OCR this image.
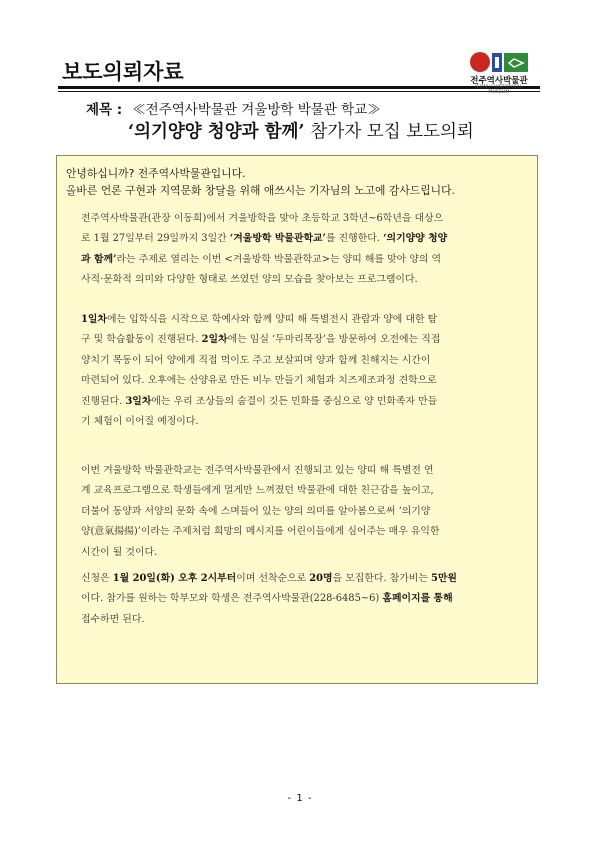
보도의뢰자료	전주역사박물관
JEONJU HISTORICAL
MUSEUM
제목 : ≪전주역사박물관 겨울방학 박물관 학교≫
‘의기양양 청양과 함께’ 참가자 모집 보도의뢰
안녕하십니까? 전주역사박물관입니다.
올바른 언론 구현과 지역문화 창달을 위해 애쓰시는 기자님의 노고에 감사드립니다.

전주역사박물관(관장 이동희)에서 겨울방학을 맞아 초등학교 3학년~6학년을 대상으
로 1월 27일부터 29일까지 3일간 ‘겨울방학 박물관학교’를 진행한다. ‘의기양양 청양
과 함께’라는 주제로 열리는 이번 <겨울방학 박물관학교>는 양띠 해를 맞아 양의 역
사적·문화적 의미와 다양한 형태로 쓰였던 양의 모습을 찾아보는 프로그램이다.

1일차에는 입학식을 시작으로 학예사와 함께 양띠 해 특별전시 관람과 양에 대한 탐
구 및 학습활동이 진행된다. 2일차에는 임실 ‘두마리목장’을 방문하여 오전에는 직접
양치기 목동이 되어 양에게 직접 먹이도 주고 보살피며 양과 함께 친해지는 시간이
마련되어 있다. 오후에는 산양유로 만든 비누 만들기 체험과 치즈제조과정 견학으로
진행된다. 3일차에는 우리 조상들의 숨결이 깃든 민화를 중심으로 양 민화족자 만들
기 체험이 이어질 예정이다.

이번 겨울방학 박물관학교는 전주역사박물관에서 진행되고 있는 양띠 해 특별전 연
계 교육프로그램으로 학생들에게 멀게만 느껴졌던 박물관에 대한 친근감을 높이고,
더불어 동양과 서양의 문화 속에 스며들어 있는 양의 의미를 알아봄으로써 ‘의기양
양(意氣揚揚)’이라는 주제처럼 희망의 메시지를 어린이들에게 심어주는 매우 유익한
시간이 될 것이다.

신청은 1월 20일(화) 오후 2시부터이며 선착순으로 20명을 모집한다. 참가비는 5만원
이다. 참가를 원하는 학부모와 학생은 전주역사박물관(228-6485~6) 홈페이지를 통해
접수하면 된다.

- 1 -
